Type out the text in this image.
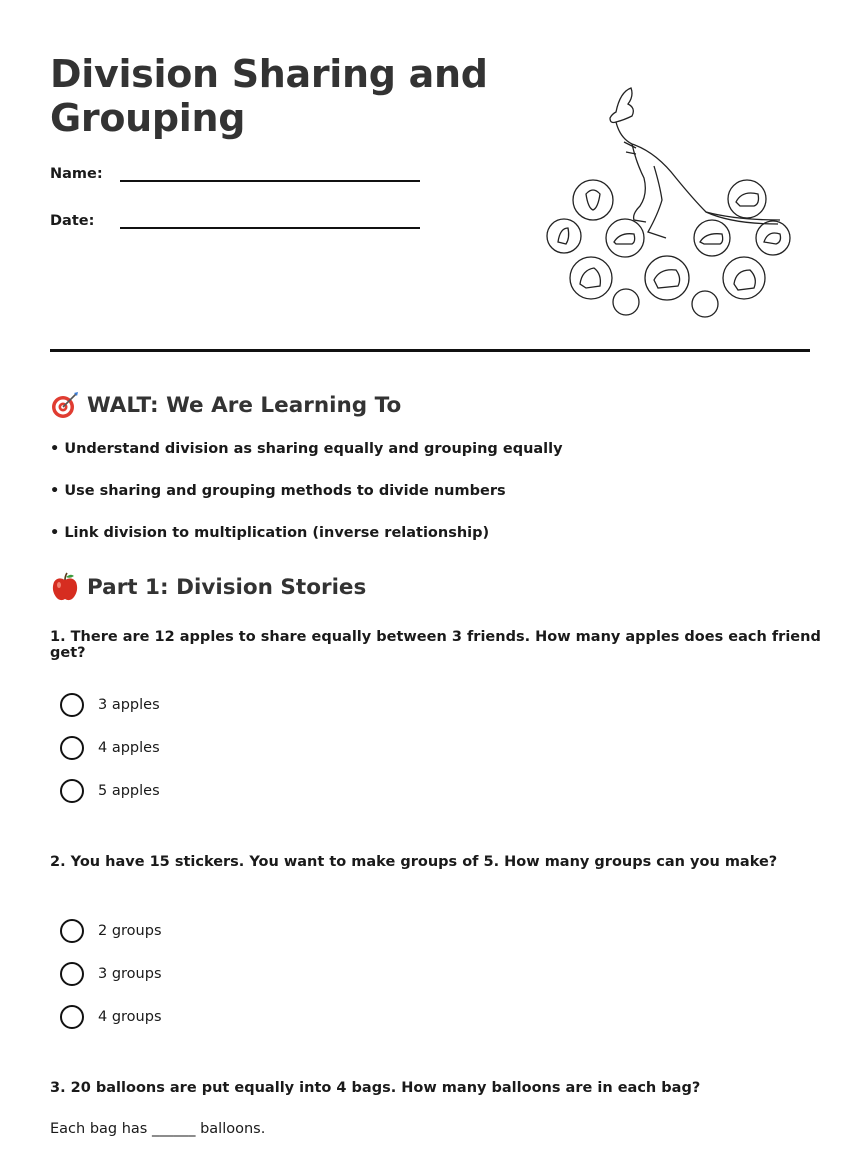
Division Sharing and Grouping
Name:
Date:
WALT: We Are Learning To
• Understand division as sharing equally and grouping equally
• Use sharing and grouping methods to divide numbers
• Link division to multiplication (inverse relationship)
Part 1: Division Stories
1. There are 12 apples to share equally between 3 friends. How many apples does each friend get?
3 apples
4 apples
5 apples
2. You have 15 stickers. You want to make groups of 5. How many groups can you make?
2 groups
3 groups
4 groups
3. 20 balloons are put equally into 4 bags. How many balloons are in each bag?
Each bag has ______ balloons.
